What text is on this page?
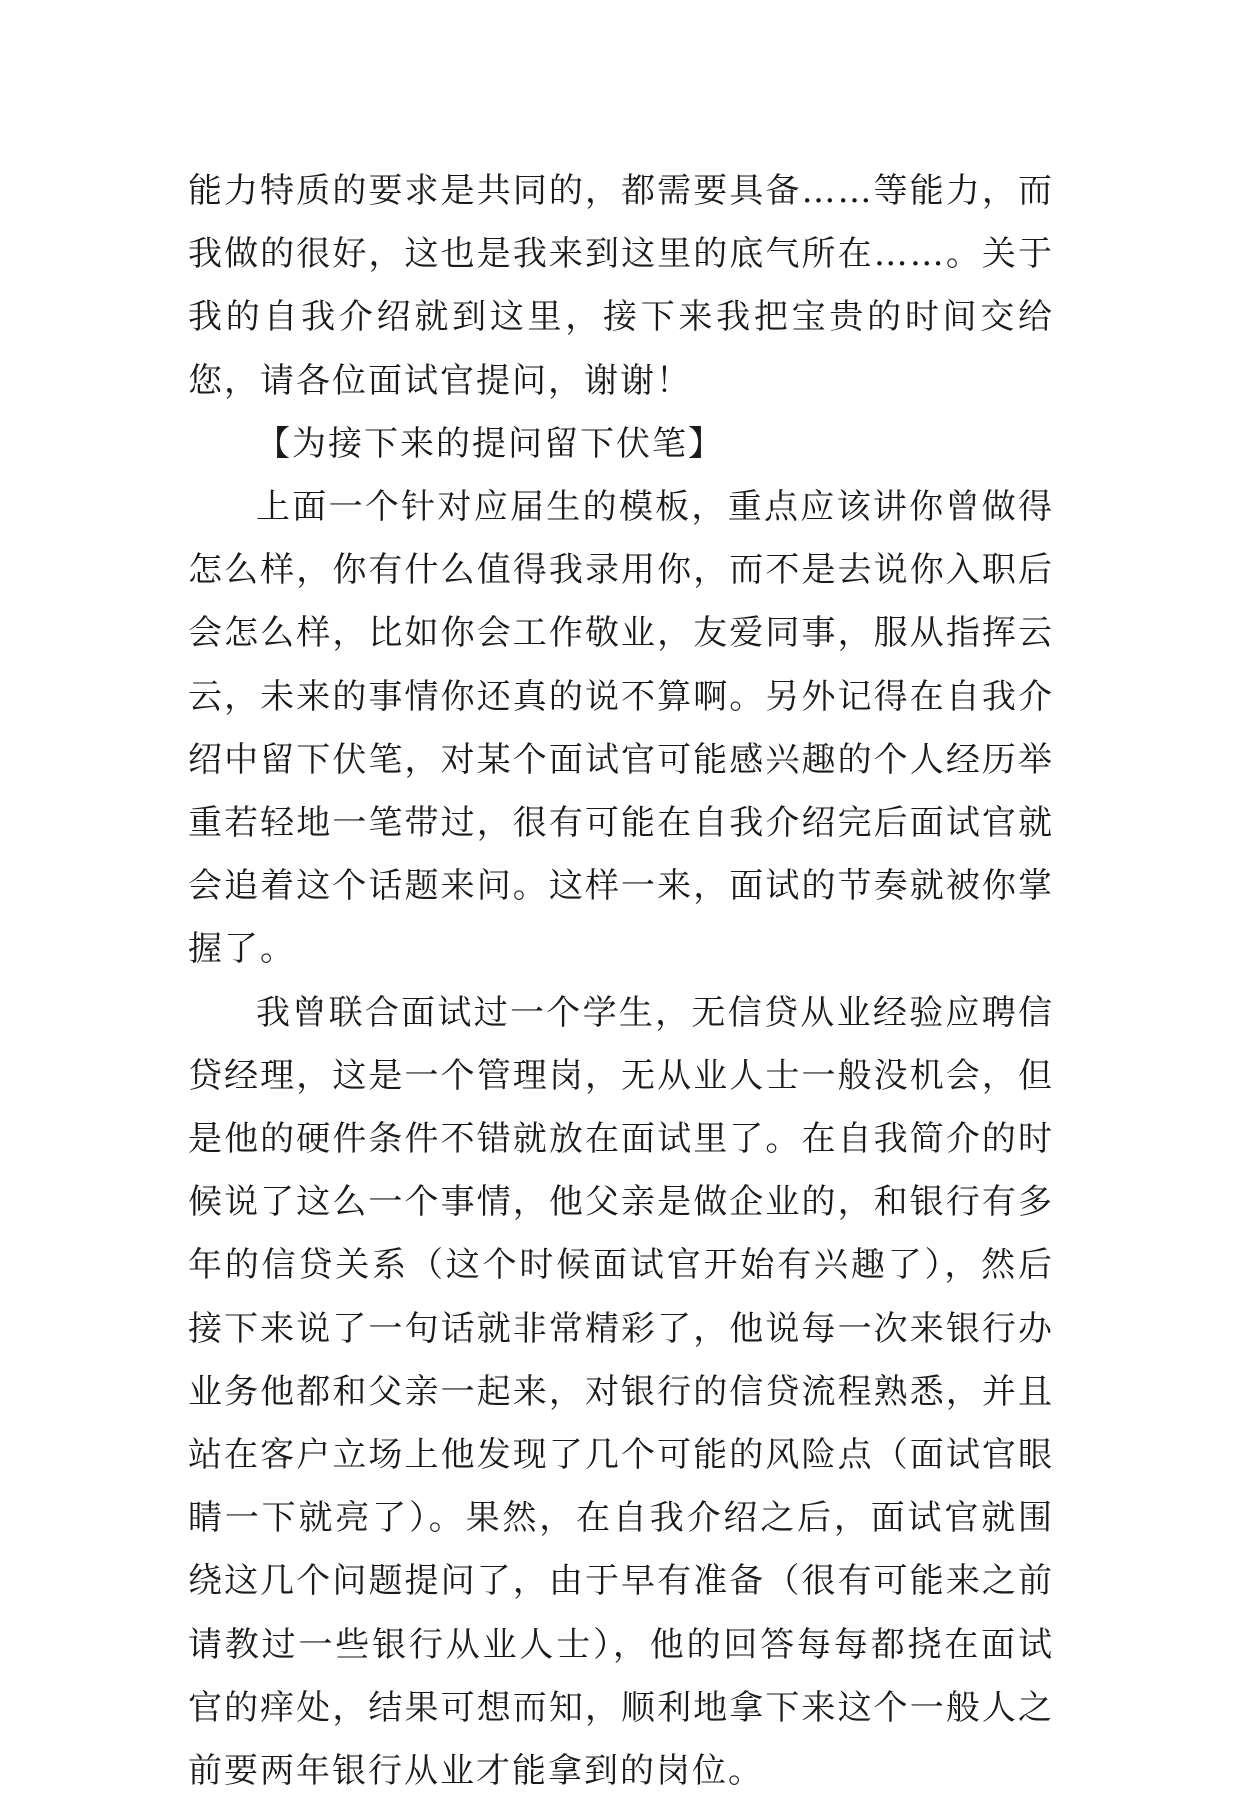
能力特质的要求是共同的，都需要具备……等能力，而我做的很好，这也是我来到这里的底气所在……。关于我的自我介绍就到这里，接下来我把宝贵的时间交给您，请各位面试官提问，谢谢！

【为接下来的提问留下伏笔】

上面一个针对应届生的模板，重点应该讲你曾做得怎么样，你有什么值得我录用你，而不是去说你入职后会怎么样，比如你会工作敬业，友爱同事，服从指挥云云，未来的事情你还真的说不算啊。另外记得在自我介绍中留下伏笔，对某个面试官可能感兴趣的个人经历举重若轻地一笔带过，很有可能在自我介绍完后面试官就会追着这个话题来问。这样一来，面试的节奏就被你掌握了。

我曾联合面试过一个学生，无信贷从业经验应聘信贷经理，这是一个管理岗，无从业人士一般没机会，但是他的硬件条件不错就放在面试里了。在自我简介的时候说了这么一个事情，他父亲是做企业的，和银行有多年的信贷关系（这个时候面试官开始有兴趣了），然后接下来说了一句话就非常精彩了，他说每一次来银行办业务他都和父亲一起来，对银行的信贷流程熟悉，并且站在客户立场上他发现了几个可能的风险点（面试官眼睛一下就亮了）。果然，在自我介绍之后，面试官就围绕这几个问题提问了，由于早有准备（很有可能来之前请教过一些银行从业人士），他的回答每每都挠在面试官的痒处，结果可想而知，顺利地拿下来这个一般人之前要两年银行从业才能拿到的岗位。
